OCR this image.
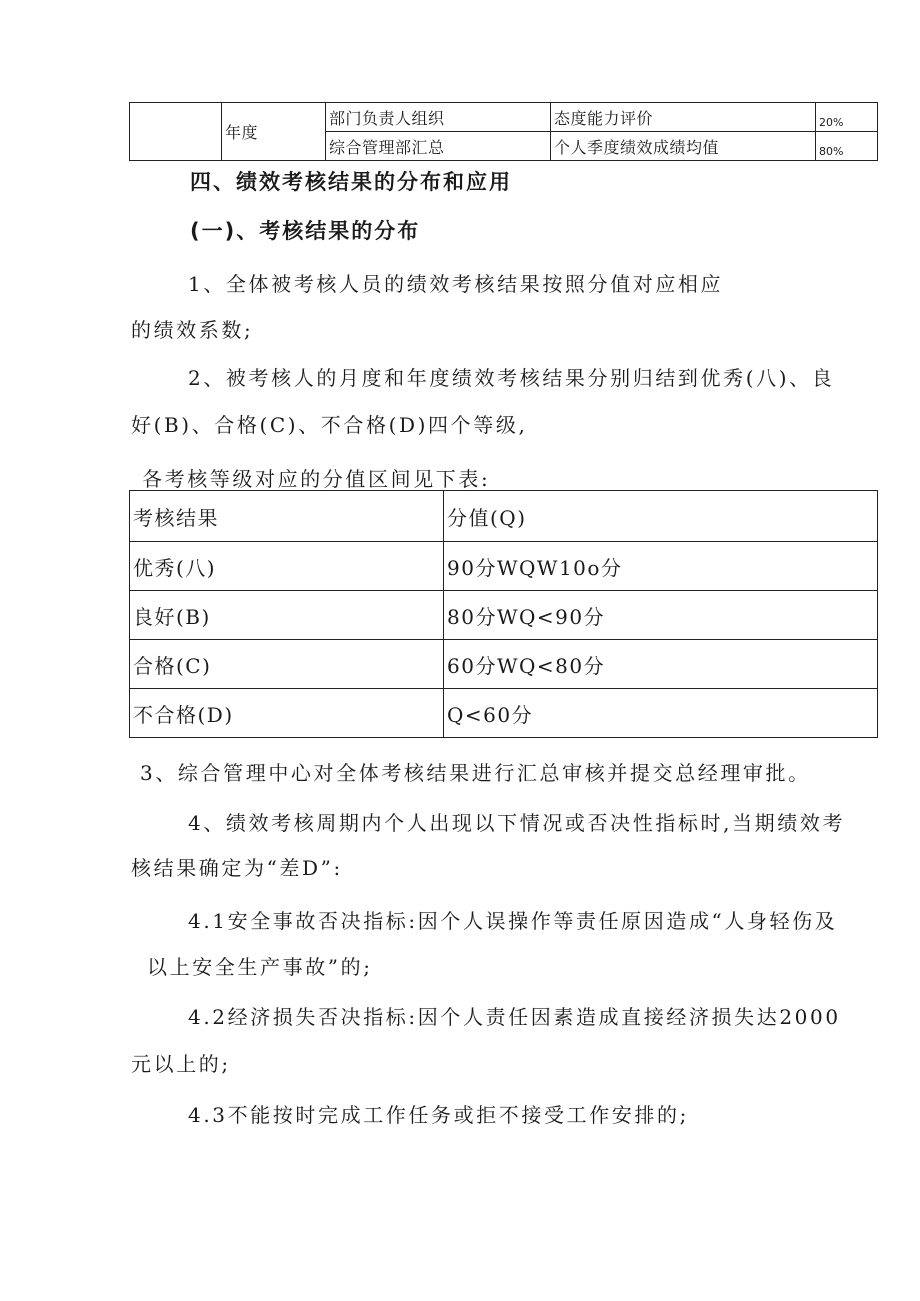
	年度	部门负责人组织	态度能力评价	20%
		综合管理部汇总	个人季度绩效成绩均值	80%
四、绩效考核结果的分布和应用
(一)、考核结果的分布
1、全体被考核人员的绩效考核结果按照分值对应相应
的绩效系数;
2、被考核人的月度和年度绩效考核结果分别归结到优秀(八)、良
好(B)、合格(C)、不合格(D)四个等级,
各考核等级对应的分值区间见下表:
考核结果	分值(Q)
优秀(八)	90分WQW10o分
良好(B)	80分WQ<90分
合格(C)	60分WQ<80分
不合格(D)	Q<60分
3、综合管理中心对全体考核结果进行汇总审核并提交总经理审批。
4、绩效考核周期内个人出现以下情况或否决性指标时,当期绩效考
核结果确定为“差D”:
4.1安全事故否决指标:因个人误操作等责任原因造成“人身轻伤及
以上安全生产事故”的;
4.2经济损失否决指标:因个人责任因素造成直接经济损失达2000
元以上的;
4.3不能按时完成工作任务或拒不接受工作安排的;
